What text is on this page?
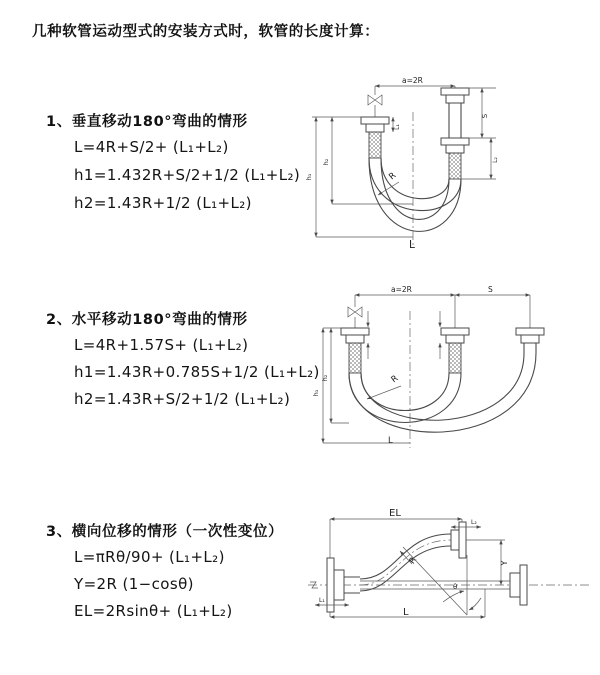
几种软管运动型式的安装方式时，软管的长度计算：
1、垂直移动180°弯曲的情形
L=4R+S/2+ (L₁+L₂)
h1=1.432R+S/2+1/2 (L₁+L₂)
h2=1.43R+1/2 (L₁+L₂)
a=2R
L₁
S
L₂
h₂
h₁	R
L
2、水平移动180°弯曲的情形
L=4R+1.57S+ (L₁+L₂)
h1=1.43R+0.785S+1/2 (L₁+L₂)
h2=1.43R+S/2+1/2 (L₁+L₂)
a=2R	S
h₂
h₁
R
L
3、横向位移的情形（一次性变位）
L=πRθ/90+ (L₁+L₂)
Y=2R (1−cosθ)
EL=2Rsinθ+ (L₁+L₂)
EL
L₂
Y
L
L₁
R
θ
